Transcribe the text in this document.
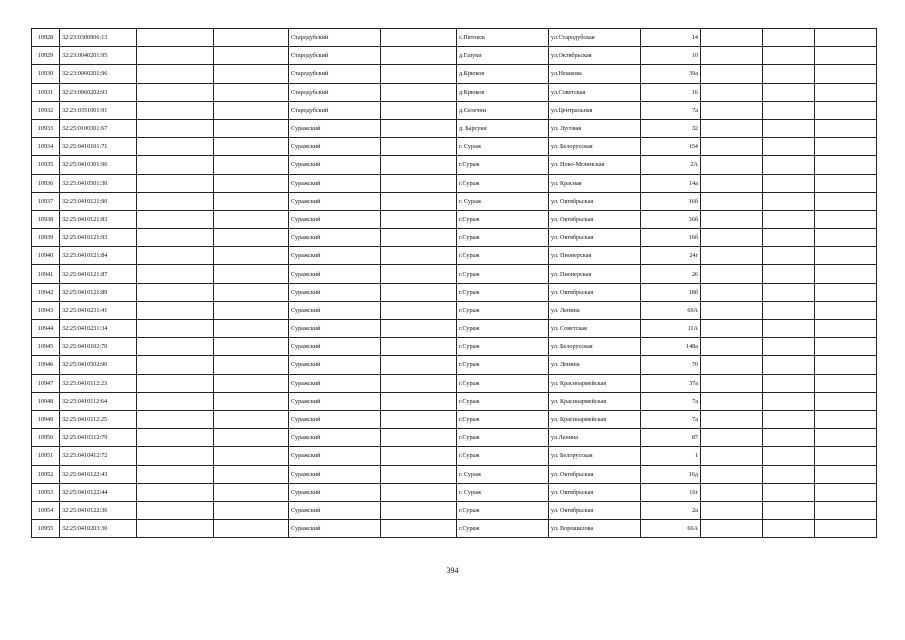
10928	32:23:0300906:13			Стародубский		с.Пятовск	ул.Стародубская	14			
10929	32:23:0040201:95			Стародубский		д.Газуки	ул.Октябрьская	10			
10930	32:23:0060201:96			Стародубский		д.Крюков	ул.Нешкова	39а			
10931	32:23:0060202:93			Стародубский		д.Крюков	ул.Советская	16			
10932	32:23:0351001:91			Стародубский		д.Селечни	ул.Центральная	7а			
10933	32:25:0100301:67			Суражский		д. Барсуки	ул. Луговая	32			
10934	32:25:0410101:71			Суражский		г. Сураж	ул. Белорусская	154			
10935	32:25:0410301:96			Суражский		г.Сураж	ул. Ново-Мглинская	2А			
10936	32:25:0410501:30			Суражский		г.Сураж	ул. Красная	14а			
10937	32:25:0410121:90			Суражский		г. Сураж	ул. Октябрьская	16б			
10938	32:25:0410121:83			Суражский		г.Сураж	ул. Октябрьская	36б			
10939	32:25:0410121:93			Суражский		г.Сураж	ул. Октябрьская	16б			
10940	32:25:0410121:84			Суражский		г.Сураж	ул. Пионерская	24г			
10941	32:25:0410121:87			Суражский		г.Сураж	ул. Пионерская	26			
10942	32:25:0410121:89			Суражский		г.Сураж	ул. Октябрьская	18б			
10943	32:25:0410231:41			Суражский		г.Сураж	ул. Ленина	69А			
10944	32:25:0410231:34			Суражский		г.Сураж	ул. Советская	11А			
10945	32:25:0410102:70			Суражский		г.Сураж	ул. Белорусская	148а			
10946	32:25:0410502:90			Суражский		г.Сураж	ул. Ленина	70			
10947	32:25:0410112:23			Суражский		г.Сураж	ул. Красноармейская	37а			
10948	32:25:0410112:64			Суражский		г.Сураж	ул. Красноармейская	7а			
10949	32:25:0410112:25			Суражский		г.Сураж	ул. Красноармейская	7а			
10950	32:25:0410312:79			Суражский		г.Сураж	ул.Ленина	87			
10951	32:25:0410412:72			Суражский		г.Сураж	ул. Белорусская	1			
10952	32:25:0410122:43			Суражский		г. Сураж	ул. Октябрьская	16д			
10953	32:25:0410122:44			Суражский		г. Сураж	ул. Октябрьская	16г			
10954	32:25:0410122:36			Суражский		г.Сураж	ул. Октябрьская	2а			
10955	32:25:0410203:30			Суражский		г.Сураж	ул. Ворошилова	66А			
394
